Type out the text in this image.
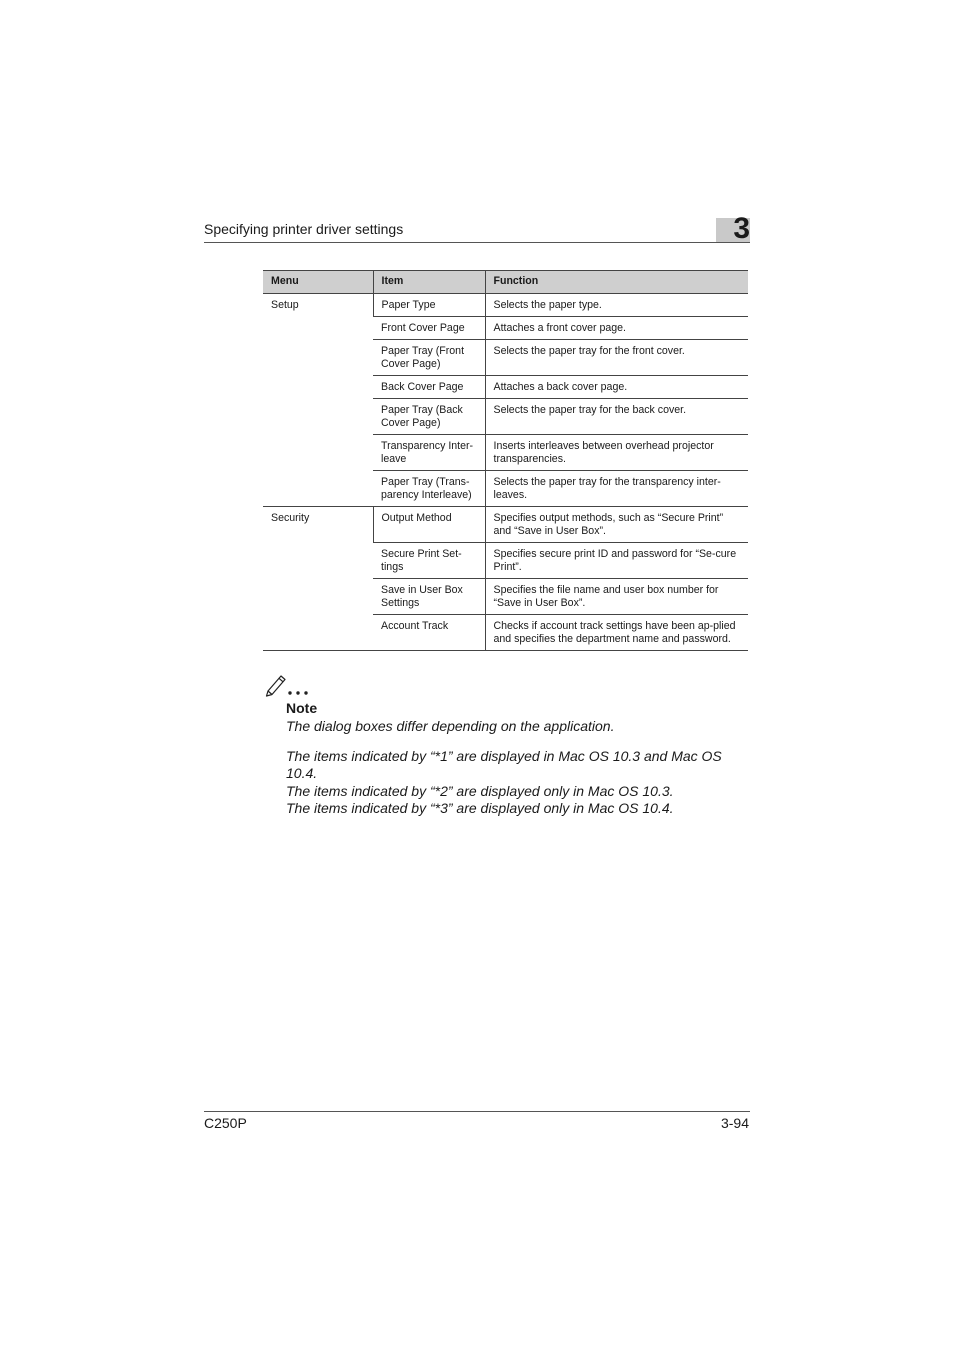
Specifying printer driver settings	3
Menu	Item	Function
Setup	Paper Type	Selects the paper type.
	Front Cover Page	Attaches a front cover page.
	Paper Tray (Front Cover Page)	Selects the paper tray for the front cover.
	Back Cover Page	Attaches a back cover page.
	Paper Tray (Back Cover Page)	Selects the paper tray for the back cover.
	Transparency Inter-leave	Inserts interleaves between overhead projector transparencies.
	Paper Tray (Trans-parency Interleave)	Selects the paper tray for the transparency inter-leaves.
Security	Output Method	Specifies output methods, such as “Secure Print” and “Save in User Box”.
	Secure Print Set-tings	Specifies secure print ID and password for “Se-cure Print”.
	Save in User Box Settings	Specifies the file name and user box number for “Save in User Box”.
	Account Track	Checks if account track settings have been ap-plied and specifies the department name and password.
Note

The dialog boxes differ depending on the application.

The items indicated by “*1” are displayed in Mac OS 10.3 and Mac OS 10.4.

The items indicated by “*2” are displayed only in Mac OS 10.3.

The items indicated by “*3” are displayed only in Mac OS 10.4.

C250P	3-94
